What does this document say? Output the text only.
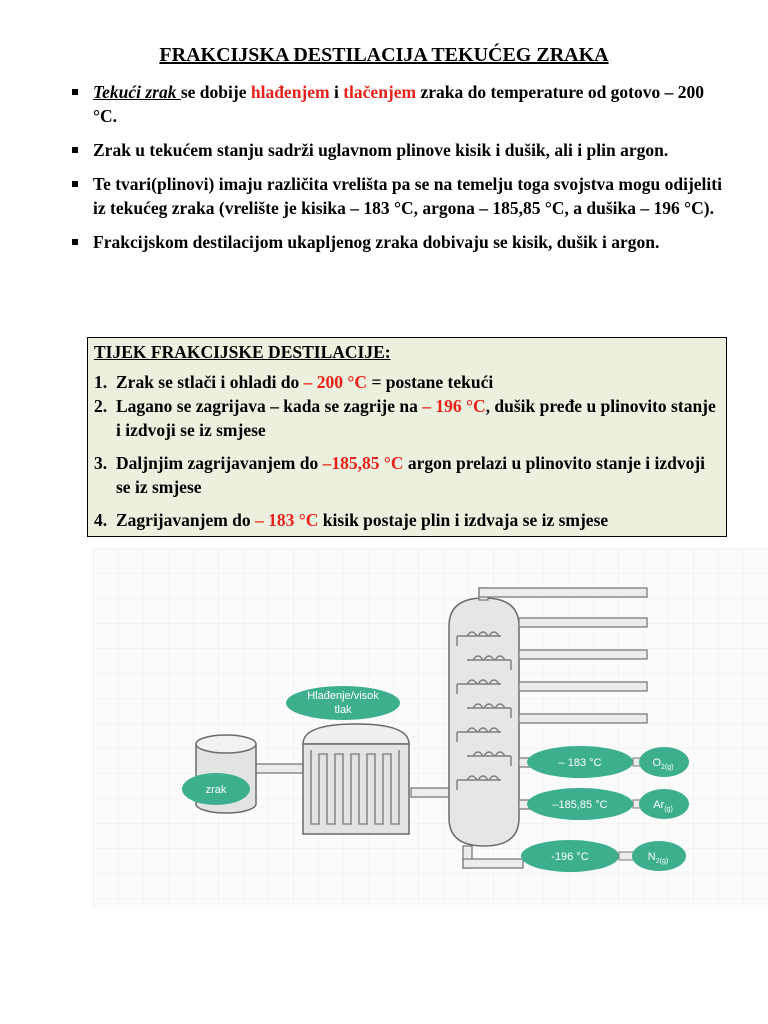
FRAKCIJSKA DESTILACIJA TEKUĆEG ZRAKA
Tekući zrak se dobije hlađenjem i tlačenjem zraka do temperature od gotovo – 200 °C.
Zrak u tekućem stanju sadrži uglavnom plinove kisik i dušik, ali i plin argon.
Te tvari(plinovi) imaju različita vrelišta pa se na temelju toga svojstva mogu odijeliti iz tekućeg zraka (vrelište je kisika – 183 °C, argona – 185,85 °C, a dušika – 196 °C).
Frakcijskom destilacijom ukapljenog zraka dobivaju se kisik, dušik i argon.
TIJEK FRAKCIJSKE DESTILACIJE:
1. Zrak se stlači i ohladi do – 200 °C = postane tekući
2. Lagano se zagrijava – kada se zagrije na – 196 °C, dušik pređe u plinovito stanje i izdvoji se iz smjese
3. Daljnjim zagrijavanjem do –185,85 °C argon prelazi u plinovito stanje i izdvoji se iz smjese
4. Zagrijavanjem do – 183 °C kisik postaje plin i izdvaja se iz smjese
Hlađenje/visok
tlak
zrak
– 183 °C	$O_{2(g)}$
–185,85 °C	$Ar_{(g)}$
-196 °C	$N_{2(g)}$
